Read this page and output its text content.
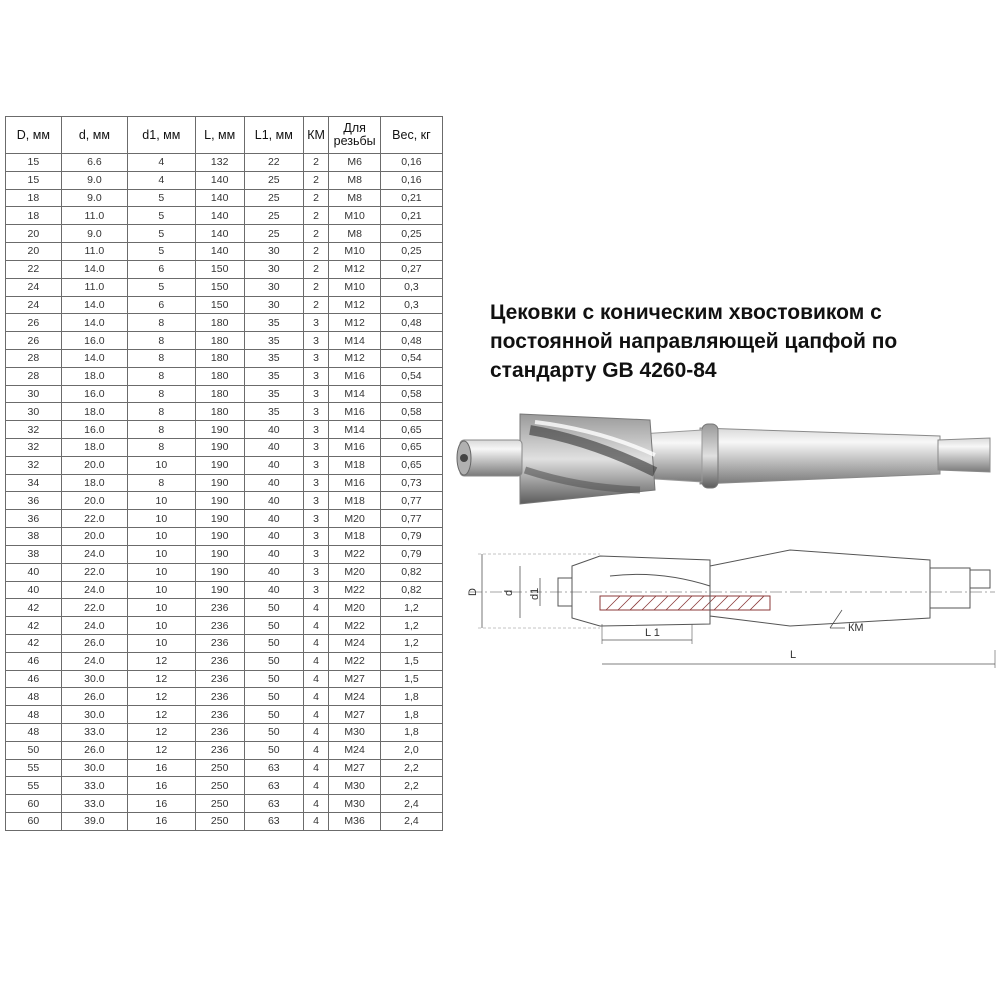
D, мм	d, мм	d1, мм	L, мм	L1, мм	КМ	Для резьбы	Вес, кг
15	6.6	4	132	22	2	M6	0,16
15	9.0	4	140	25	2	M8	0,16
18	9.0	5	140	25	2	M8	0,21
18	11.0	5	140	25	2	M10	0,21
20	9.0	5	140	25	2	M8	0,25
20	11.0	5	140	30	2	M10	0,25
22	14.0	6	150	30	2	M12	0,27
24	11.0	5	150	30	2	M10	0,3
24	14.0	6	150	30	2	M12	0,3
26	14.0	8	180	35	3	M12	0,48
26	16.0	8	180	35	3	M14	0,48
28	14.0	8	180	35	3	M12	0,54
28	18.0	8	180	35	3	M16	0,54
30	16.0	8	180	35	3	M14	0,58
30	18.0	8	180	35	3	M16	0,58
32	16.0	8	190	40	3	M14	0,65
32	18.0	8	190	40	3	M16	0,65
32	20.0	10	190	40	3	M18	0,65
34	18.0	8	190	40	3	M16	0,73
36	20.0	10	190	40	3	M18	0,77
36	22.0	10	190	40	3	M20	0,77
38	20.0	10	190	40	3	M18	0,79
38	24.0	10	190	40	3	M22	0,79
40	22.0	10	190	40	3	M20	0,82
40	24.0	10	190	40	3	M22	0,82
42	22.0	10	236	50	4	M20	1,2
42	24.0	10	236	50	4	M22	1,2
42	26.0	10	236	50	4	M24	1,2
46	24.0	12	236	50	4	M22	1,5
46	30.0	12	236	50	4	M27	1,5
48	26.0	12	236	50	4	M24	1,8
48	30.0	12	236	50	4	M27	1,8
48	33.0	12	236	50	4	M30	1,8
50	26.0	12	236	50	4	M24	2,0
55	30.0	16	250	63	4	M27	2,2
55	33.0	16	250	63	4	M30	2,2
60	33.0	16	250	63	4	M30	2,4
60	39.0	16	250	63	4	M36	2,4
Цековки с коническим хвостовиком с постоянной направляющей цапфой по стандарту GB 4260-84
D d d1
L 1
L
КМ
